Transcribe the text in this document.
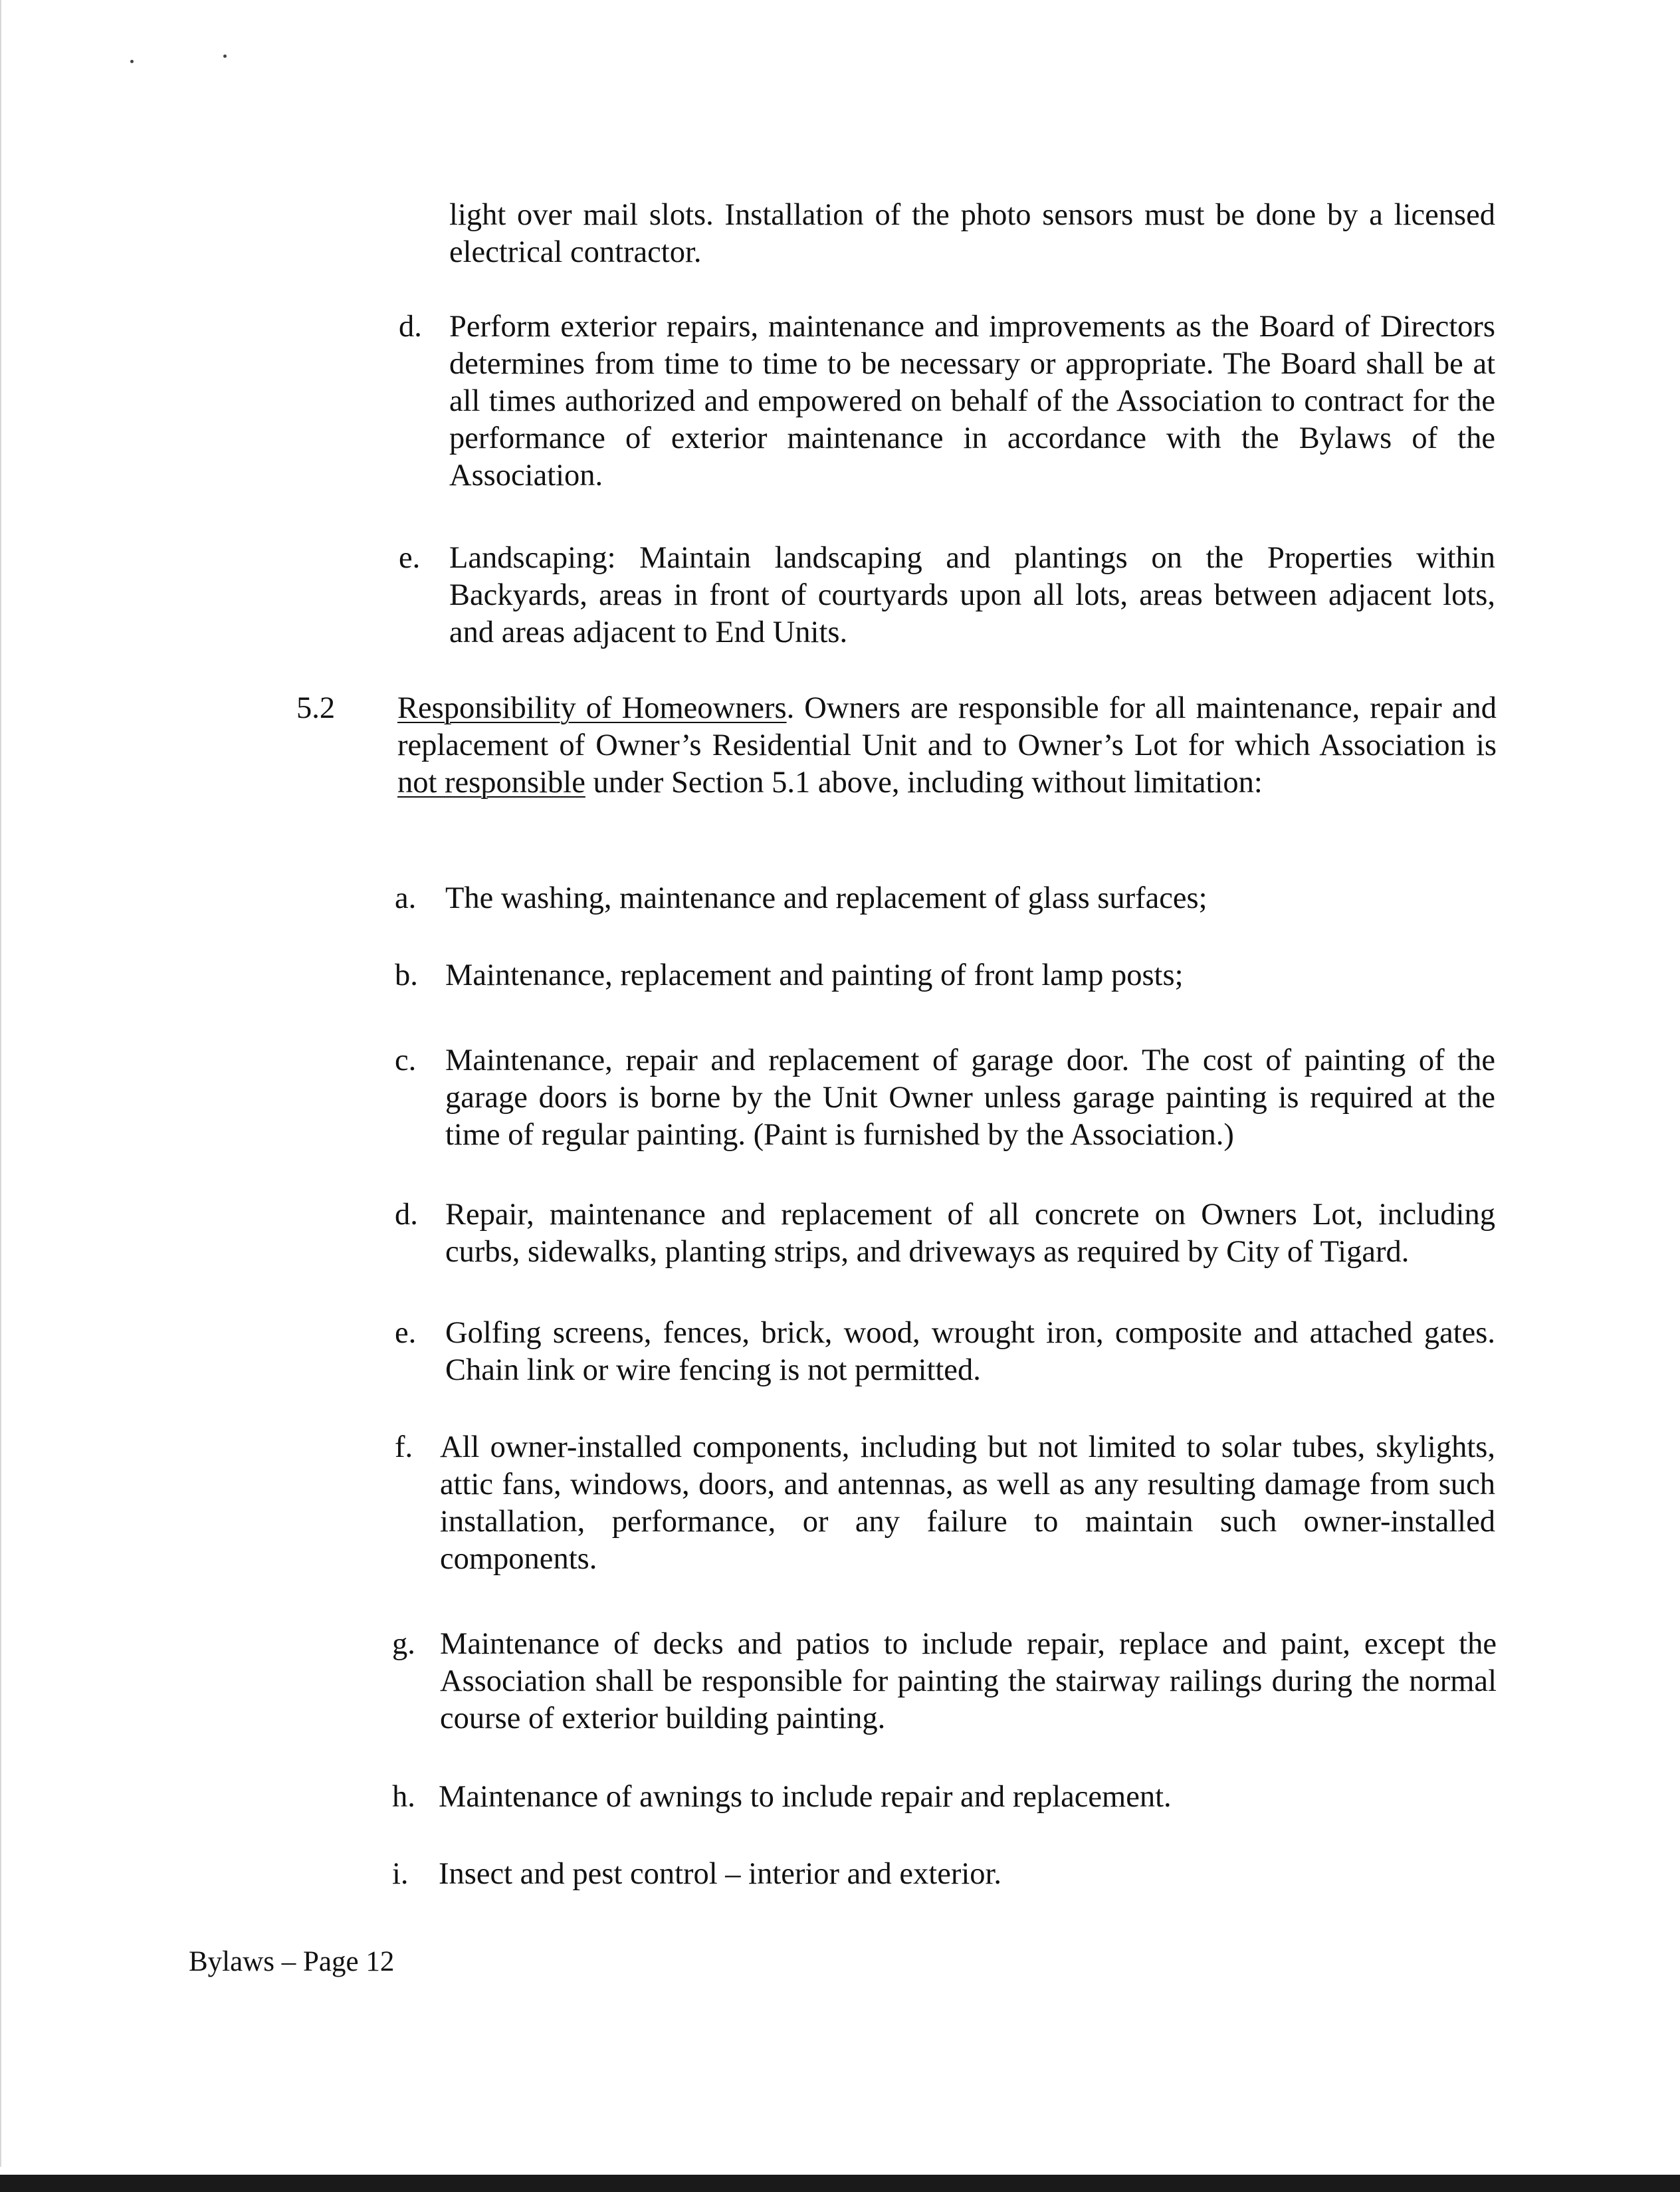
light over mail slots. Installation of the photo sensors must be done by a licensed electrical contractor.
d. Perform exterior repairs, maintenance and improvements as the Board of Directors determines from time to time to be necessary or appropriate. The Board shall be at all times authorized and empowered on behalf of the Association to contract for the performance of exterior maintenance in accordance with the Bylaws of the Association.
e. Landscaping: Maintain landscaping and plantings on the Properties within Backyards, areas in front of courtyards upon all lots, areas between adjacent lots, and areas adjacent to End Units.
5.2 Responsibility of Homeowners. Owners are responsible for all maintenance, repair and replacement of Owner’s Residential Unit and to Owner’s Lot for which Association is not responsible under Section 5.1 above, including without limitation:
a. The washing, maintenance and replacement of glass surfaces;
b. Maintenance, replacement and painting of front lamp posts;
c. Maintenance, repair and replacement of garage door. The cost of painting of the garage doors is borne by the Unit Owner unless garage painting is required at the time of regular painting. (Paint is furnished by the Association.)
d. Repair, maintenance and replacement of all concrete on Owners Lot, including curbs, sidewalks, planting strips, and driveways as required by City of Tigard.
e. Golfing screens, fences, brick, wood, wrought iron, composite and attached gates. Chain link or wire fencing is not permitted.
f. All owner-installed components, including but not limited to solar tubes, skylights, attic fans, windows, doors, and antennas, as well as any resulting damage from such installation, performance, or any failure to maintain such owner-installed components.
g. Maintenance of decks and patios to include repair, replace and paint, except the Association shall be responsible for painting the stairway railings during the normal course of exterior building painting.
h. Maintenance of awnings to include repair and replacement.
i. Insect and pest control – interior and exterior.
Bylaws – Page 12
